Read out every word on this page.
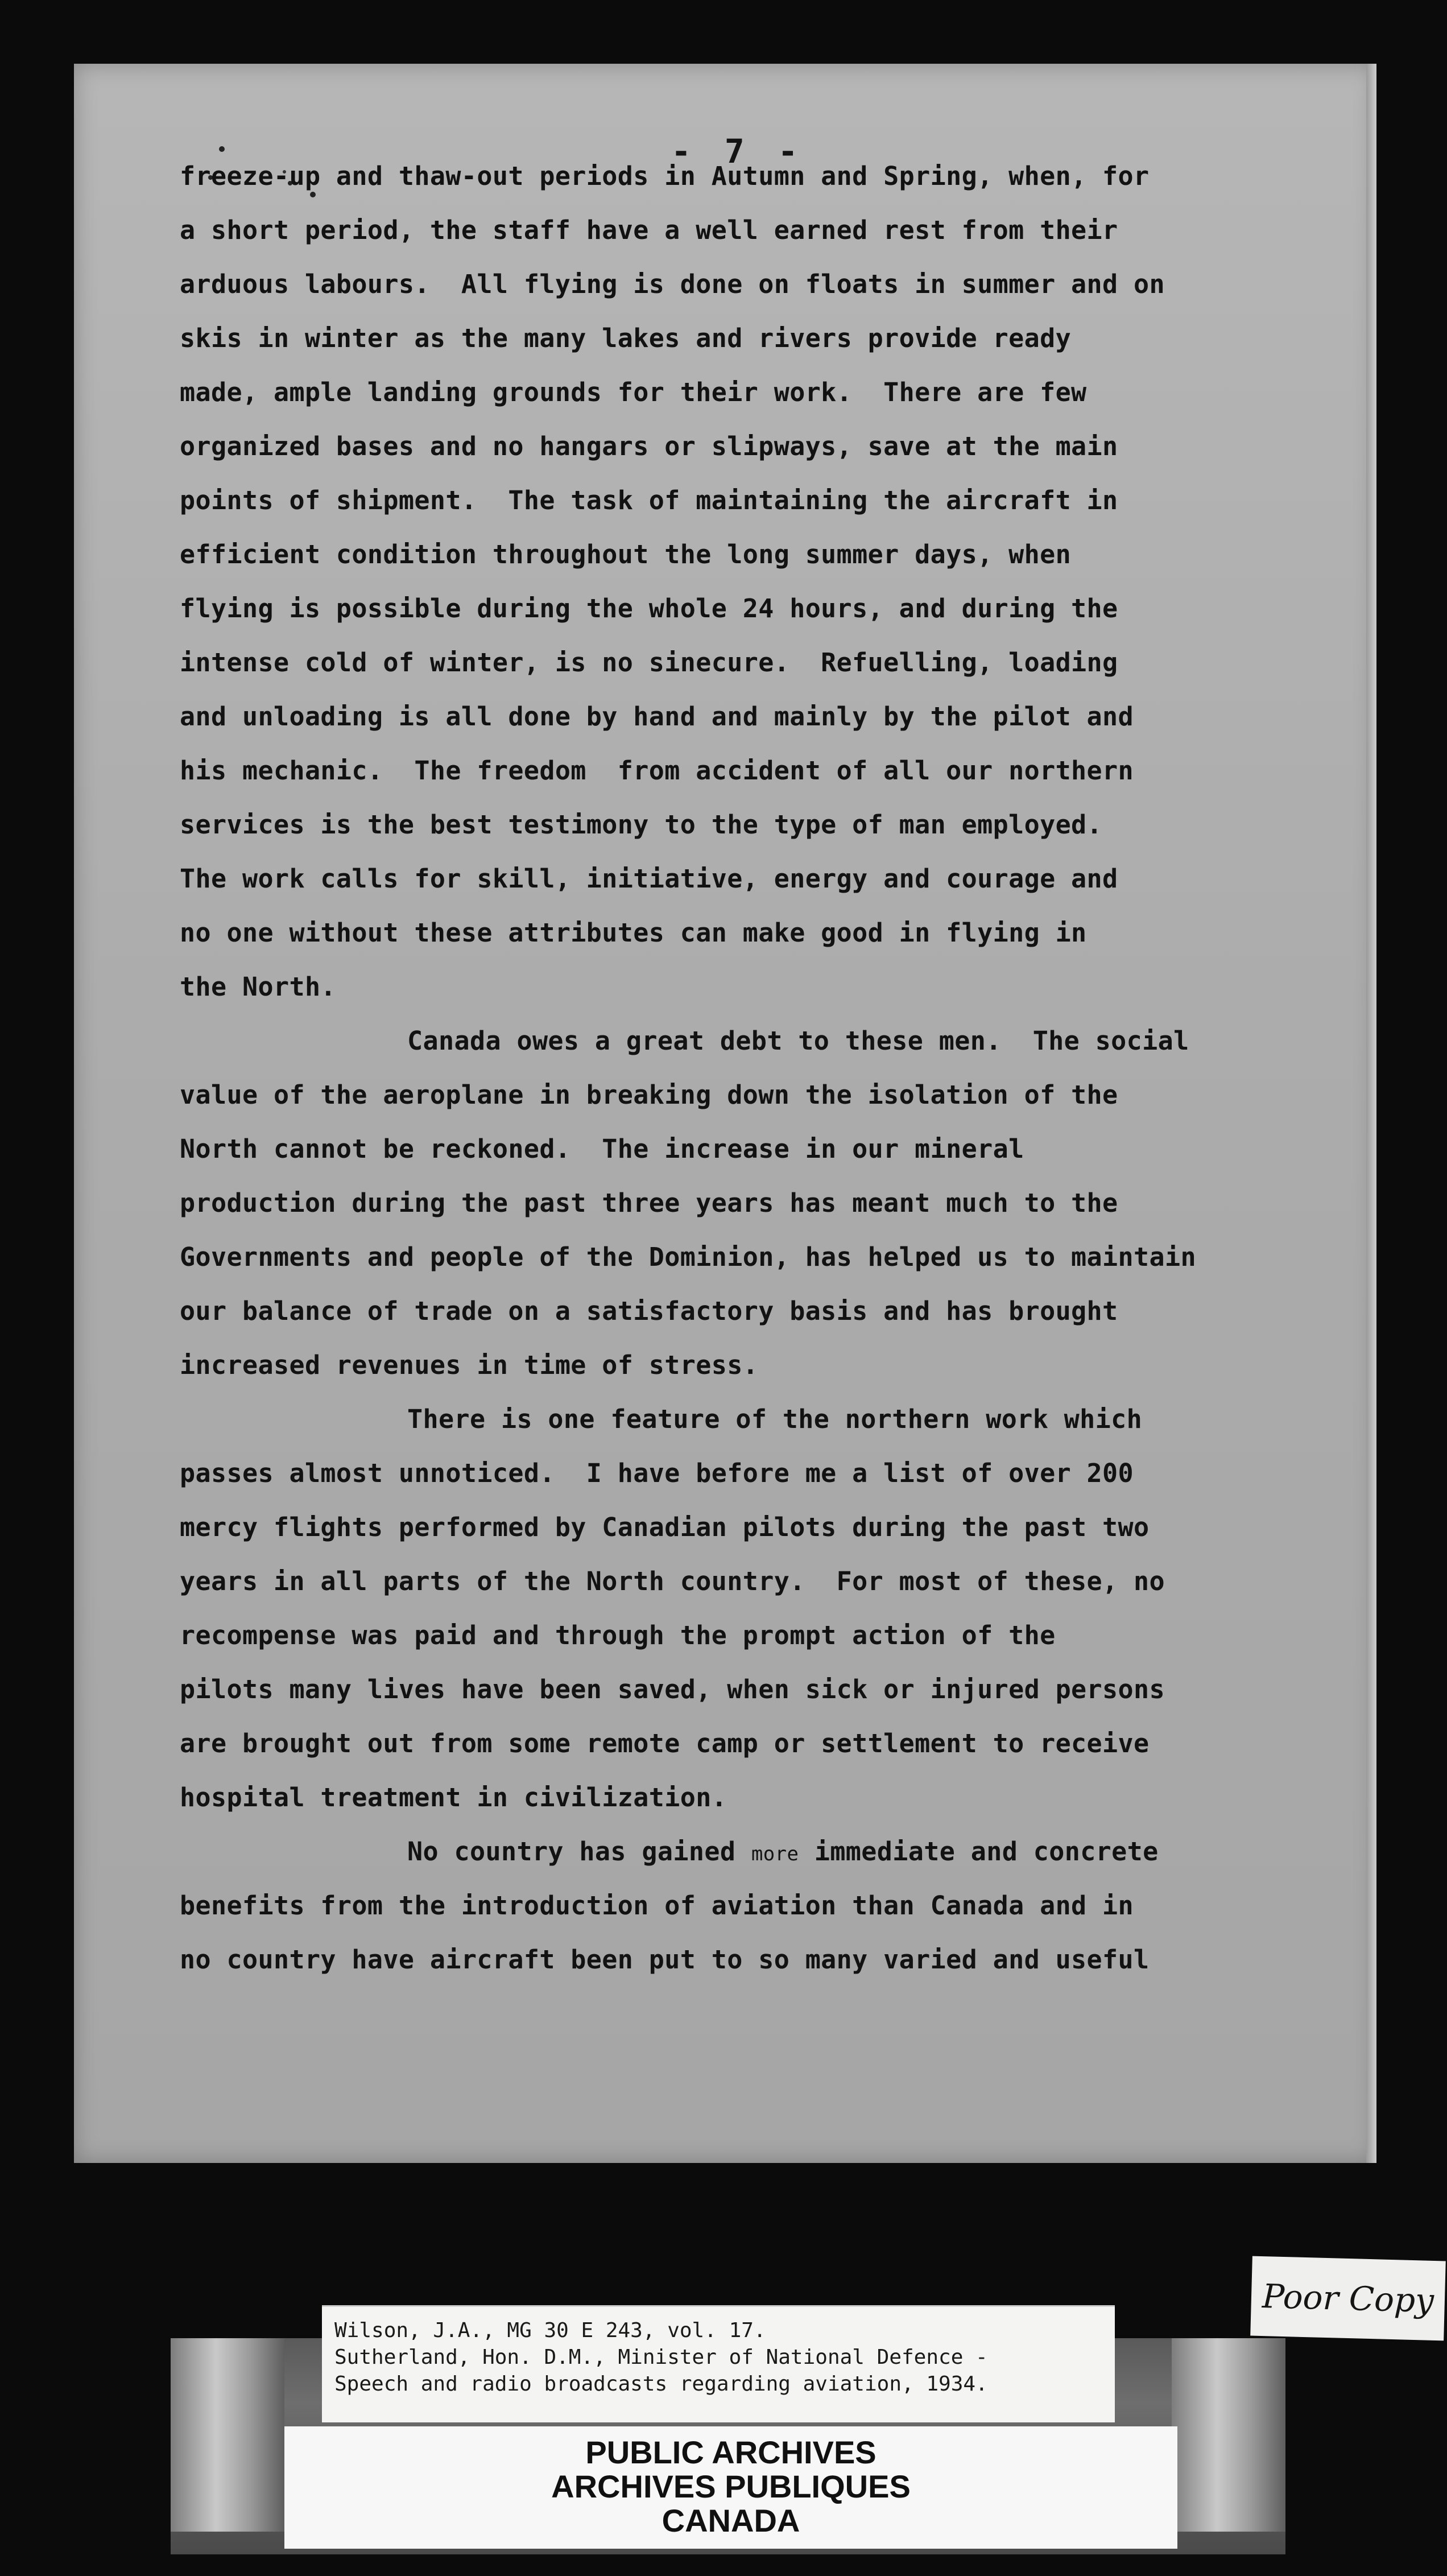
- 7 -
freeze-up and thaw-out periods in Autumn and Spring, when, for
a short period, the staff have a well earned rest from their
arduous labours.  All flying is done on floats in summer and on
skis in winter as the many lakes and rivers provide ready
made, ample landing grounds for their work.  There are few
organized bases and no hangars or slipways, save at the main
points of shipment.  The task of maintaining the aircraft in
efficient condition throughout the long summer days, when
flying is possible during the whole 24 hours, and during the
intense cold of winter, is no sinecure.  Refuelling, loading
and unloading is all done by hand and mainly by the pilot and
his mechanic.  The freedom  from accident of all our northern
services is the best testimony to the type of man employed.
The work calls for skill, initiative, energy and courage and
no one without these attributes can make good in flying in
the North.
Canada owes a great debt to these men.  The social
value of the aeroplane in breaking down the isolation of the
North cannot be reckoned.  The increase in our mineral
production during the past three years has meant much to the
Governments and people of the Dominion, has helped us to maintain
our balance of trade on a satisfactory basis and has brought
increased revenues in time of stress.
There is one feature of the northern work which
passes almost unnoticed.  I have before me a list of over 200
mercy flights performed by Canadian pilots during the past two
years in all parts of the North country.  For most of these, no
recompense was paid and through the prompt action of the
pilots many lives have been saved, when sick or injured persons
are brought out from some remote camp or settlement to receive
hospital treatment in civilization.
No country has gained more immediate and concrete
benefits from the introduction of aviation than Canada and in
no country have aircraft been put to so many varied and useful
Poor Copy
Wilson, J.A., MG 30 E 243, vol. 17.
Sutherland, Hon. D.M., Minister of National Defence -
Speech and radio broadcasts regarding aviation, 1934.
PUBLIC ARCHIVES
ARCHIVES PUBLIQUES
CANADA
